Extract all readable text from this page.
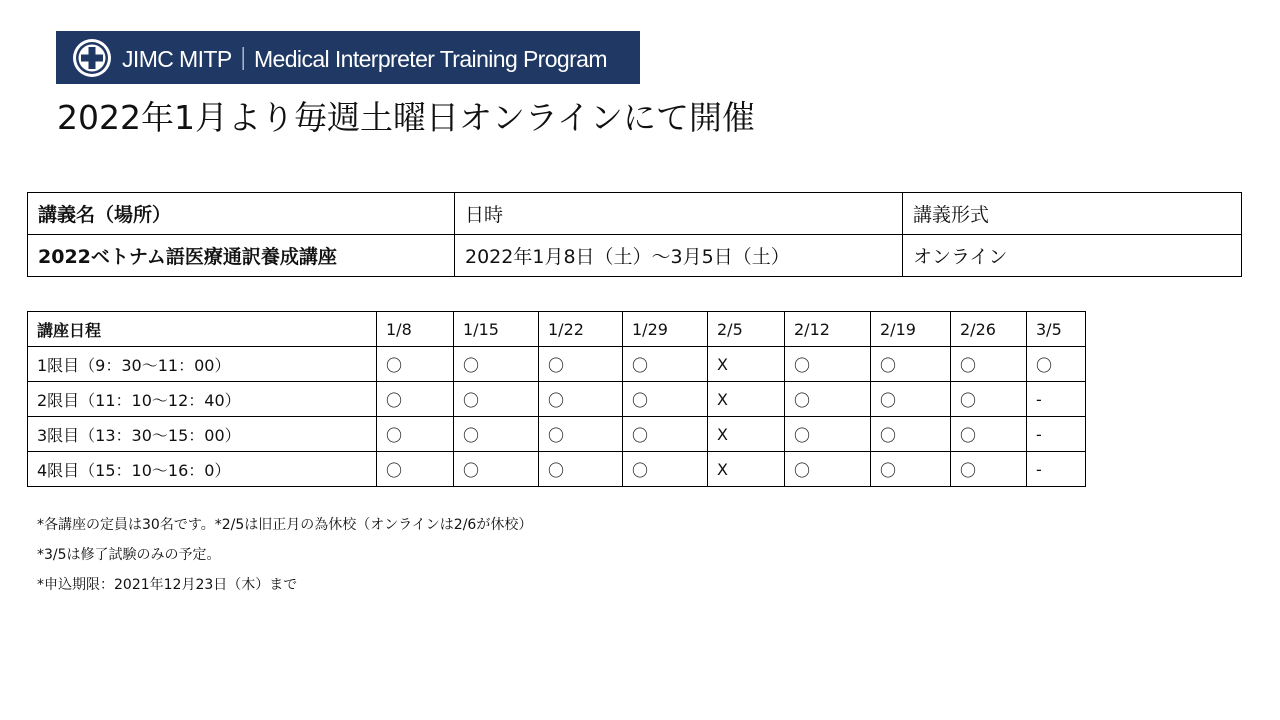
JIMC MITP｜Medical Interpreter Training Program
2022年1月より毎週土曜日オンラインにて開催
講義名（場所）	日時	講義形式
2022ベトナム語医療通訳養成講座	2022年1月8日（土）～3月5日（土）	オンライン
講座日程	1/8	1/15	1/22	1/29	2/5	2/12	2/19	2/26	3/5
1限目（9：30～11：00）	〇	〇	〇	〇	X	〇	〇	〇	〇
2限目（11：10～12：40）	〇	〇	〇	〇	X	〇	〇	〇	-
3限目（13：30～15：00）	〇	〇	〇	〇	X	〇	〇	〇	-
4限目（15：10～16：0）	〇	〇	〇	〇	X	〇	〇	〇	-

*各講座の定員は30名です。*2/5は旧正月の為休校（オンラインは2/6が休校）

*3/5は修了試験のみの予定。

*申込期限：2021年12月23日（木）まで
